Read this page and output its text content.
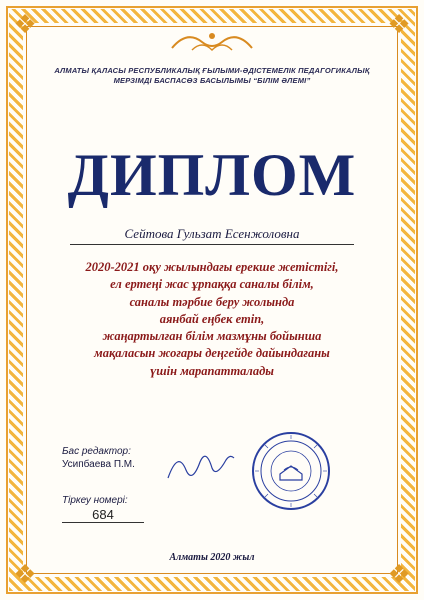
❖	❖
❖	❖
АЛМАТЫ ҚАЛАСЫ РЕСПУБЛИКАЛЫҚ ҒЫЛЫМИ-ӘДІСТЕМЕЛІК ПЕДАГОГИКАЛЫҚ
МЕРЗІМДІ БАСПАСӨЗ БАСЫЛЫМЫ “БІЛІМ ӘЛЕМІ”
ДИПЛОМ
Сейтова Гульзат Есенжоловна
2020-2021 оқу жылындағы ерекше жетістігі,
ел ертеңі жас ұрпаққа саналы білім,
саналы тәрбие беру жолында
аянбай еңбек етіп,
жаңартылған білім мазмұны бойынша
мақаласын жоғары деңгейде дайындағаны
үшін марапатталады
Бас редактор:
Усипбаева П.М.
Тіркеу номері:
684
Алматы 2020 жыл
